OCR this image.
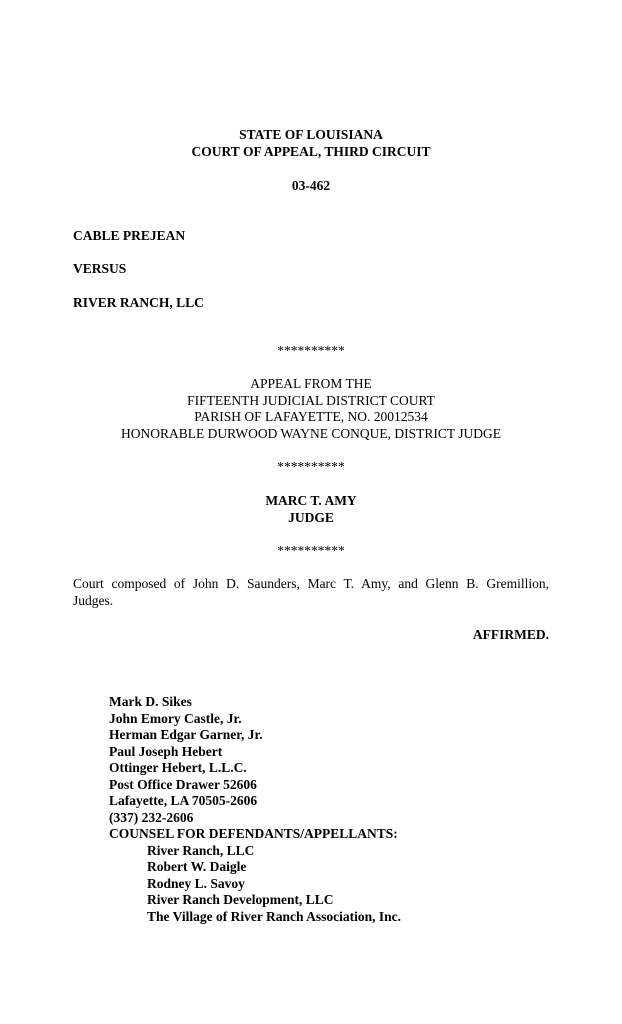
STATE OF LOUISIANA
COURT OF APPEAL, THIRD CIRCUIT
03-462
CABLE PREJEAN
VERSUS
RIVER RANCH, LLC
**********
APPEAL FROM THE
FIFTEENTH JUDICIAL DISTRICT COURT
PARISH OF LAFAYETTE, NO. 20012534
HONORABLE DURWOOD WAYNE CONQUE, DISTRICT JUDGE
**********
MARC T. AMY
JUDGE
**********
Court composed of John D. Saunders, Marc T. Amy, and Glenn B. Gremillion,
Judges.
AFFIRMED.
Mark D. Sikes
John Emory Castle, Jr.
Herman Edgar Garner, Jr.
Paul Joseph Hebert
Ottinger Hebert, L.L.C.
Post Office Drawer 52606
Lafayette, LA 70505-2606
(337) 232-2606
COUNSEL FOR DEFENDANTS/APPELLANTS:
River Ranch, LLC
Robert W. Daigle
Rodney L. Savoy
River Ranch Development, LLC
The Village of River Ranch Association, Inc.
